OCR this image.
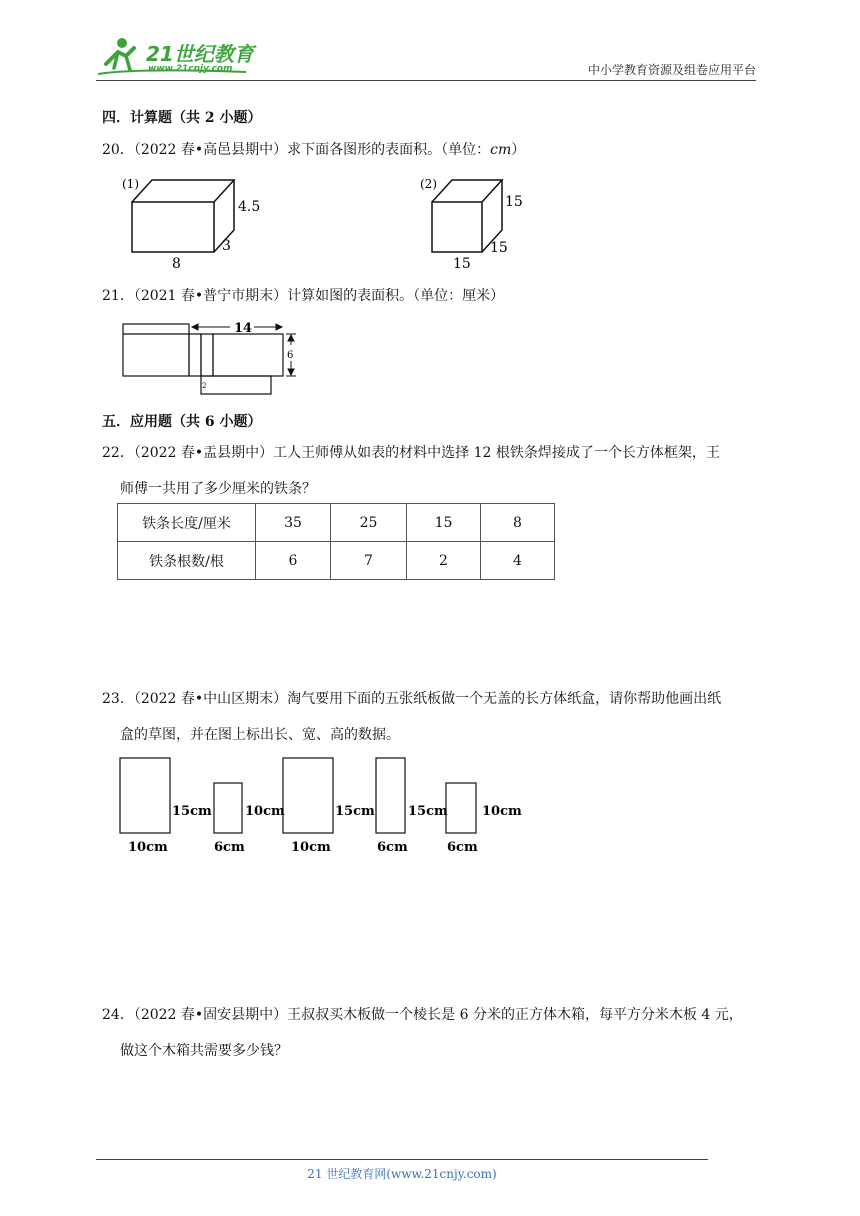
21世纪教育
www.21cnjy.com	中小学教育资源及组卷应用平台
四．计算题（共 2 小题）
20．（2022 春•高邑县期中）求下面各图形的表面积。（单位：cm）
(1)
4.5
3
8
(2)
15
15
15
21．（2021 春•普宁市期末）计算如图的表面积。（单位：厘米）
14
6
2
五．应用题（共 6 小题）
22．（2022 春•盂县期中）工人王师傅从如表的材料中选择 12 根铁条焊接成了一个长方体框架，王
师傅一共用了多少厘米的铁条？
铁条长度/厘米	35	25	15	8
铁条根数/根	6	7	2	4
23．（2022 春•中山区期末）淘气要用下面的五张纸板做一个无盖的长方体纸盒，请你帮助他画出纸
盒的草图，并在图上标出长、宽、高的数据。
15cm
10cm
10cm
6cm
15cm
10cm
15cm
6cm
10cm
6cm
24．（2022 春•固安县期中）王叔叔买木板做一个棱长是 6 分米的正方体木箱，每平方分米木板 4 元，
做这个木箱共需要多少钱？
21 世纪教育网(www.21cnjy.com)
